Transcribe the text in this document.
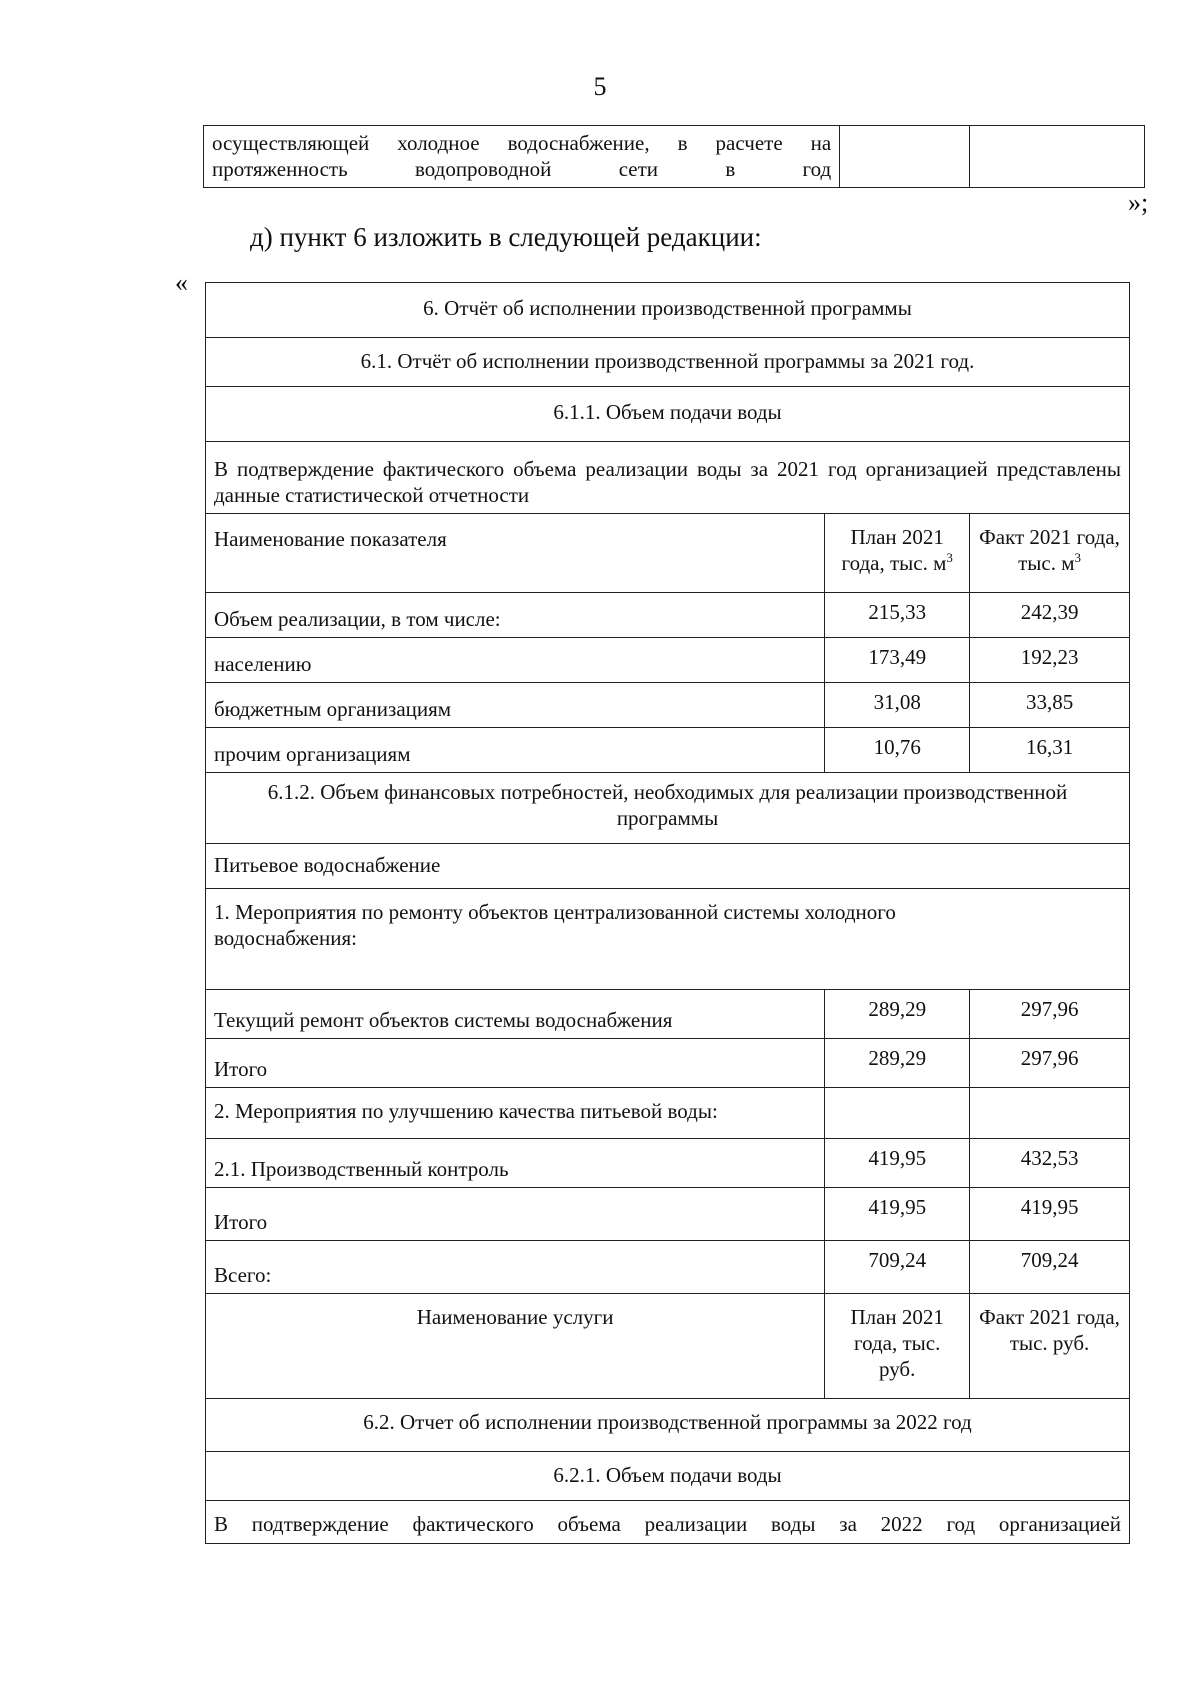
5
осуществляющей холодное водоснабжение, в расчете на протяженность водопроводной сети в год		
»;
д) пункт 6 изложить в следующей редакции:
«
6. Отчёт об исполнении производственной программы		
6.1. Отчёт об исполнении производственной программы за 2021 год.		
6.1.1. Объем подачи воды		
В подтверждение фактического объема реализации воды за 2021 год организацией представлены данные статистической отчетности		
Наименование показателя	План 2021 года, тыс. $м^3$	Факт 2021 года, тыс. $м^3$
Объем реализации, в том числе:	215,33	242,39
населению	173,49	192,23
бюджетным организациям	31,08	33,85
прочим организациям	10,76	16,31
6.1.2. Объем финансовых потребностей, необходимых для реализации производственной программы		
Питьевое водоснабжение		
1. Мероприятия по ремонту объектов централизованной системы холодного водоснабжения:		
Текущий ремонт объектов системы водоснабжения	289,29	297,96
Итого	289,29	297,96
2. Мероприятия по улучшению качества питьевой воды:		
2.1. Производственный контроль	419,95	432,53
Итого	419,95	419,95
Всего:	709,24	709,24
Наименование услуги	План 2021 года, тыс. руб.	Факт 2021 года, тыс. руб.
6.2. Отчет об исполнении производственной программы за 2022 год		
6.2.1. Объем подачи воды		
В подтверждение фактического объема реализации воды за 2022 год организацией		
